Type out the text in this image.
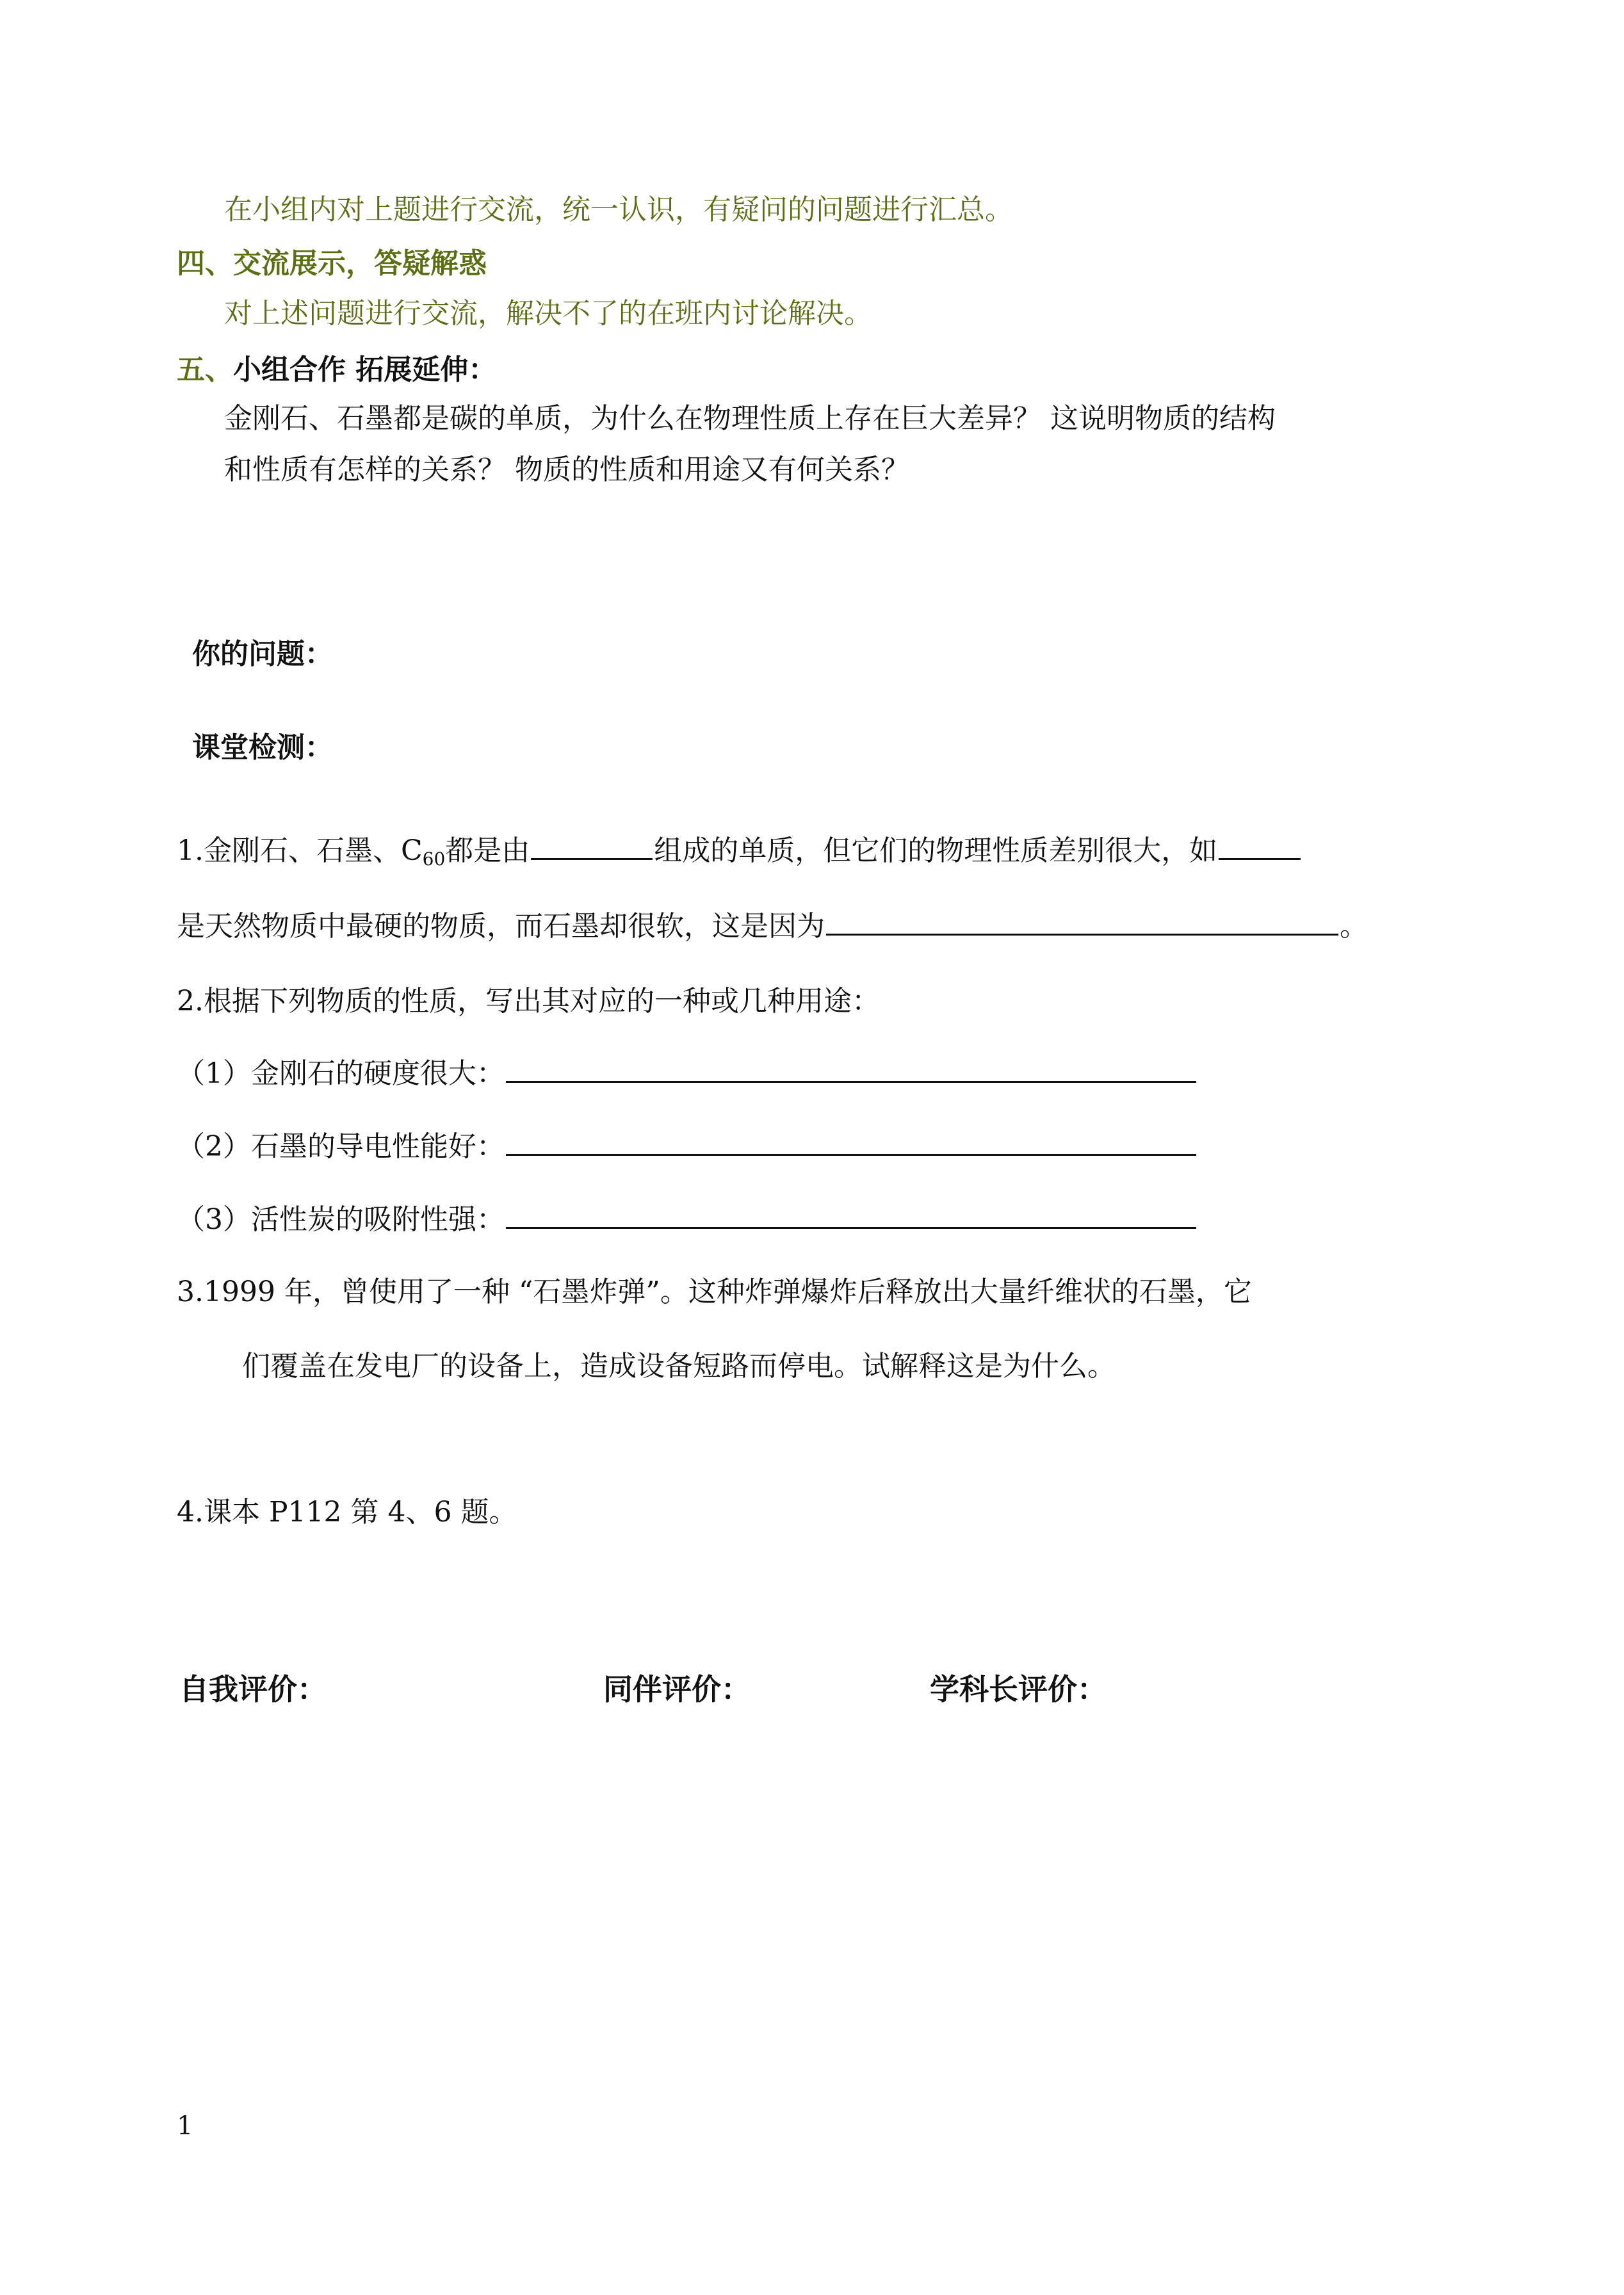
在小组内对上题进行交流，统一认识，有疑问的问题进行汇总。
四、交流展示，答疑解惑
对上述问题进行交流，解决不了的在班内讨论解决。
五、小组合作 拓展延伸：
金刚石、石墨都是碳的单质，为什么在物理性质上存在巨大差异？ 这说明物质的结构
和性质有怎样的关系？ 物质的性质和用途又有何关系？
你的问题：
课堂检测：
1.金刚石、石墨、$C_{60}$都是由	组成的单质，但它们的物理性质差别很大，如
是天然物质中最硬的物质，而石墨却很软，这是因为	。
2.根据下列物质的性质，写出其对应的一种或几种用途：
（1）金刚石的硬度很大：
（2）石墨的导电性能好：
（3）活性炭的吸附性强：
3.1999 年，曾使用了一种 “石墨炸弹”。这种炸弹爆炸后释放出大量纤维状的石墨，它
们覆盖在发电厂的设备上，造成设备短路而停电。试解释这是为什么。
4.课本 P112 第 4、6 题。
自我评价：	同伴评价：	学科长评价：
1
